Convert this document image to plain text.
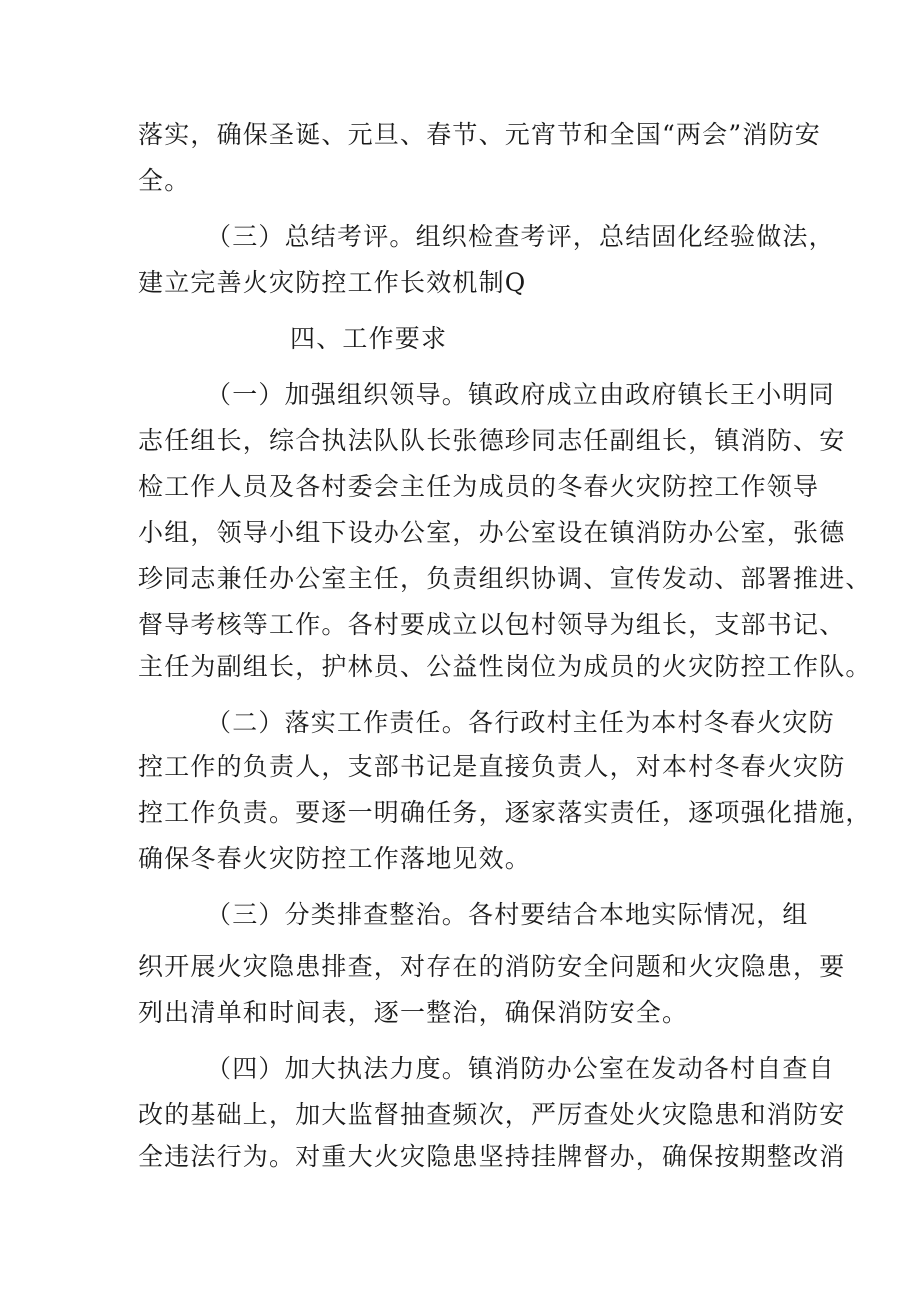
落实，确保圣诞、元旦、春节、元宵节和全国“两会”消防安
全。
（三）总结考评。组织检查考评，总结固化经验做法，
建立完善火灾防控工作长效机制Q
四、工作要求
（一）加强组织领导。镇政府成立由政府镇长王小明同
志任组长，综合执法队队长张德珍同志任副组长，镇消防、安
检工作人员及各村委会主任为成员的冬春火灾防控工作领导
小组，领导小组下设办公室，办公室设在镇消防办公室，张德
珍同志兼任办公室主任，负责组织协调、宣传发动、部署推进、
督导考核等工作。各村要成立以包村领导为组长，支部书记、
主任为副组长，护林员、公益性岗位为成员的火灾防控工作队。
（二）落实工作责任。各行政村主任为本村冬春火灾防
控工作的负责人，支部书记是直接负责人，对本村冬春火灾防
控工作负责。要逐一明确任务，逐家落实责任，逐项强化措施，
确保冬春火灾防控工作落地见效。
（三）分类排查整治。各村要结合本地实际情况，组
织开展火灾隐患排查，对存在的消防安全问题和火灾隐患，要
列出清单和时间表，逐一整治，确保消防安全。
（四）加大执法力度。镇消防办公室在发动各村自查自
改的基础上，加大监督抽查频次，严厉查处火灾隐患和消防安
全违法行为。对重大火灾隐患坚持挂牌督办，确保按期整改消
